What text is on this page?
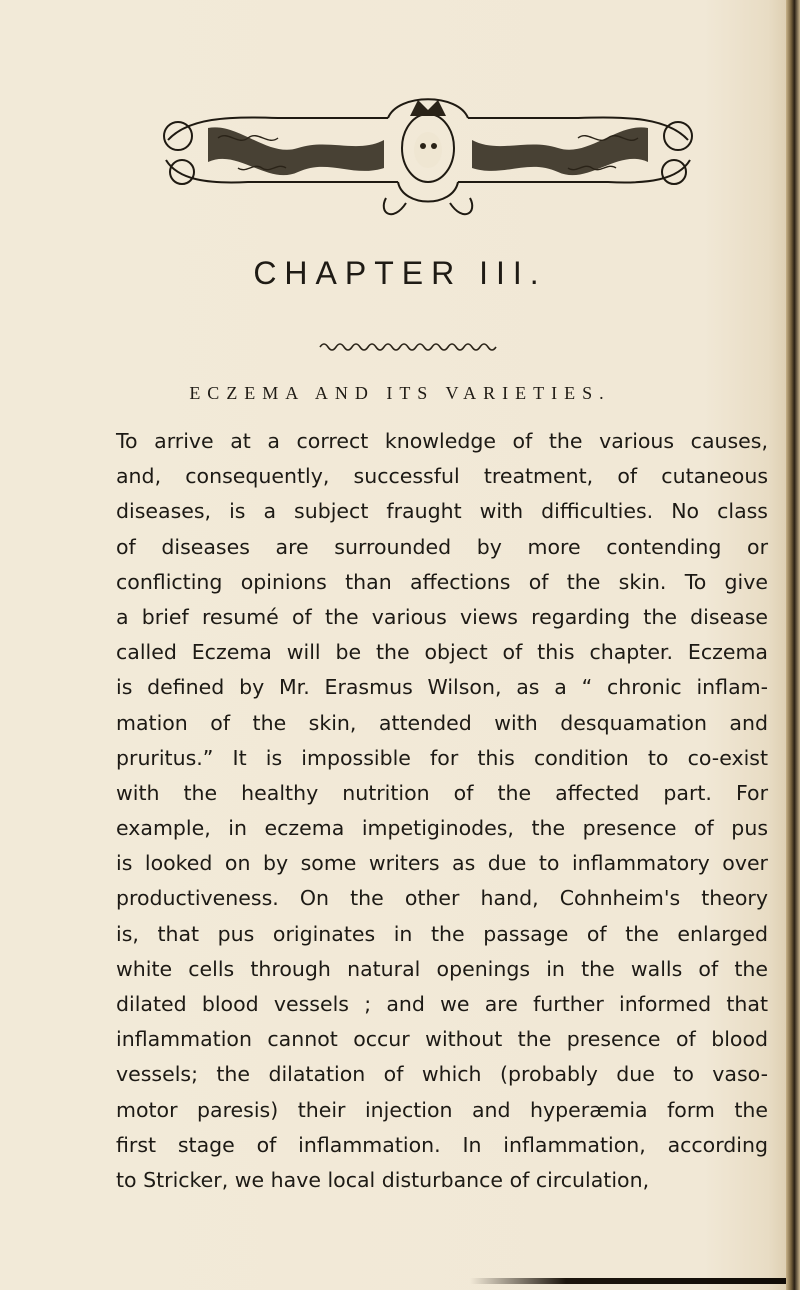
CHAPTER III.
ECZEMA AND ITS VARIETIES.
To arrive at a correct knowledge of the various causes,
and, consequently, successful treatment, of cutaneous
diseases, is a subject fraught with difficulties. No class
of diseases are surrounded by more contending or
conflicting opinions than affections of the skin. To give
a brief resumé of the various views regarding the disease
called Eczema will be the object of this chapter. Eczema
is defined by Mr. Erasmus Wilson, as a “ chronic inflam-
mation of the skin, attended with desquamation and
pruritus.” It is impossible for this condition to co-exist
with the healthy nutrition of the affected part. For
example, in eczema impetiginodes, the presence of pus
is looked on by some writers as due to inflammatory over
productiveness. On the other hand, Cohnheim's theory
is, that pus originates in the passage of the enlarged
white cells through natural openings in the walls of the
dilated blood vessels ; and we are further informed that
inflammation cannot occur without the presence of blood
vessels; the dilatation of which (probably due to vaso-
motor paresis) their injection and hyperæmia form the
first stage of inflammation. In inflammation, according
to Stricker, we have local disturbance of circulation,
